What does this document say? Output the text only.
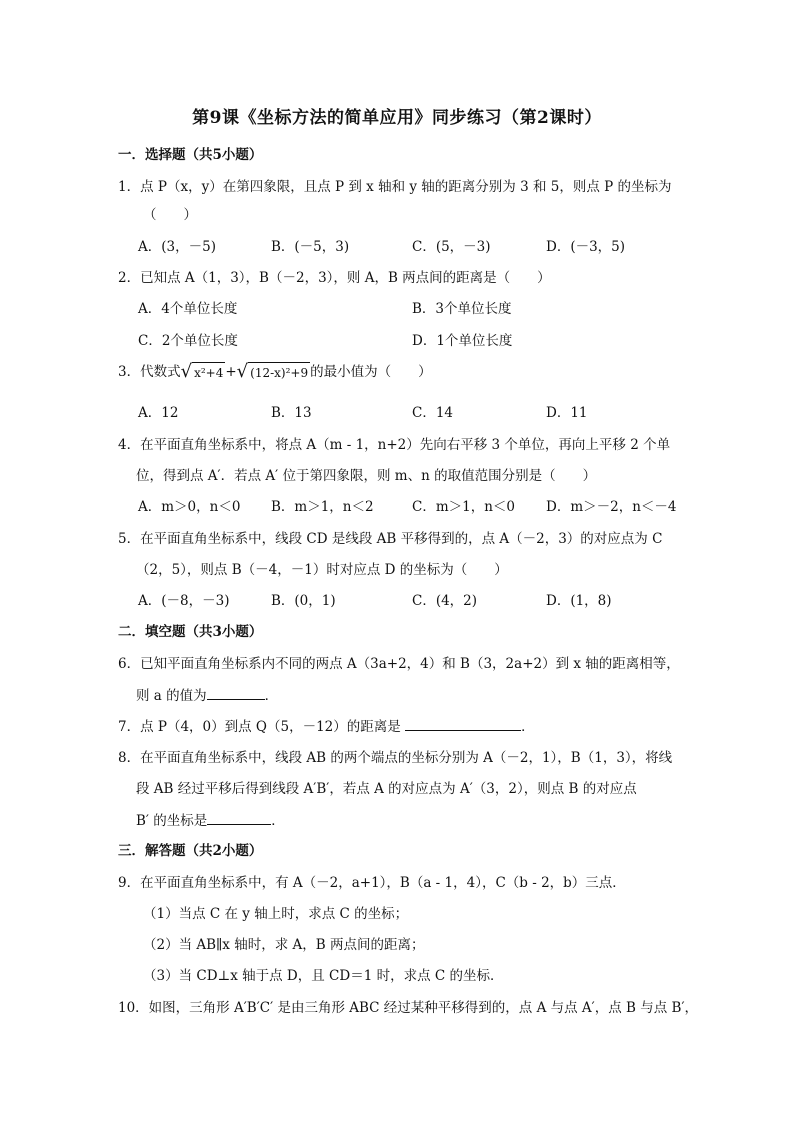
第9课《坐标方法的简单应用》同步练习（第2课时）
一．选择题（共5小题）
1．点 P（x，y）在第四象限，且点 P 到 x 轴和 y 轴的距离分别为 3 和 5，则点 P 的坐标为
（　　）
A．(3，－5)	B．(－5，3)	C．(5，－3)	D．(－3，5)
2．已知点 A（1，3），B（－2，3），则 A，B 两点间的距离是（　　）
A．4个单位长度	B．3个单位长度
C．2个单位长度	D．1个单位长度
3．代数式√ x²+4 +√ (12-x)²+9 的最小值为（　　）
A．12	B．13	C．14	D．11
4．在平面直角坐标系中，将点 A（m - 1，n+2）先向右平移 3 个单位，再向上平移 2 个单
位，得到点 A′．若点 A′ 位于第四象限，则 m、n 的取值范围分别是（　　）
A．m＞0，n＜0 B．m＞1，n＜2	C．m＞1，n＜0 D．m＞－2，n＜－4
5．在平面直角坐标系中，线段 CD 是线段 AB 平移得到的，点 A（－2，3）的对应点为 C
（2，5），则点 B（－4，－1）时对应点 D 的坐标为（　　）
A．(－8，－3)	B．(0，1)	C．(4，2)	D．(1，8)
二．填空题（共3小题）
6．已知平面直角坐标系内不同的两点 A（3a+2，4）和 B（3，2a+2）到 x 轴的距离相等，
则 a 的值为	．
7．点 P（4，0）到点 Q（5，－12）的距离是	．
8．在平面直角坐标系中，线段 AB 的两个端点的坐标分别为 A（－2，1），B（1，3），将线
段 AB 经过平移后得到线段 A′B′，若点 A 的对应点为 A′（3，2），则点 B 的对应点
B′ 的坐标是	．
三．解答题（共2小题）
9．在平面直角坐标系中，有 A（－2，a+1），B（a - 1，4），C（b - 2，b）三点．
（1）当点 C 在 y 轴上时，求点 C 的坐标；
（2）当 AB∥x 轴时，求 A，B 两点间的距离；
（3）当 CD⊥x 轴于点 D，且 CD＝1 时，求点 C 的坐标．
10．如图，三角形 A′B′C′ 是由三角形 ABC 经过某种平移得到的，点 A 与点 A′，点 B 与点 B′，
